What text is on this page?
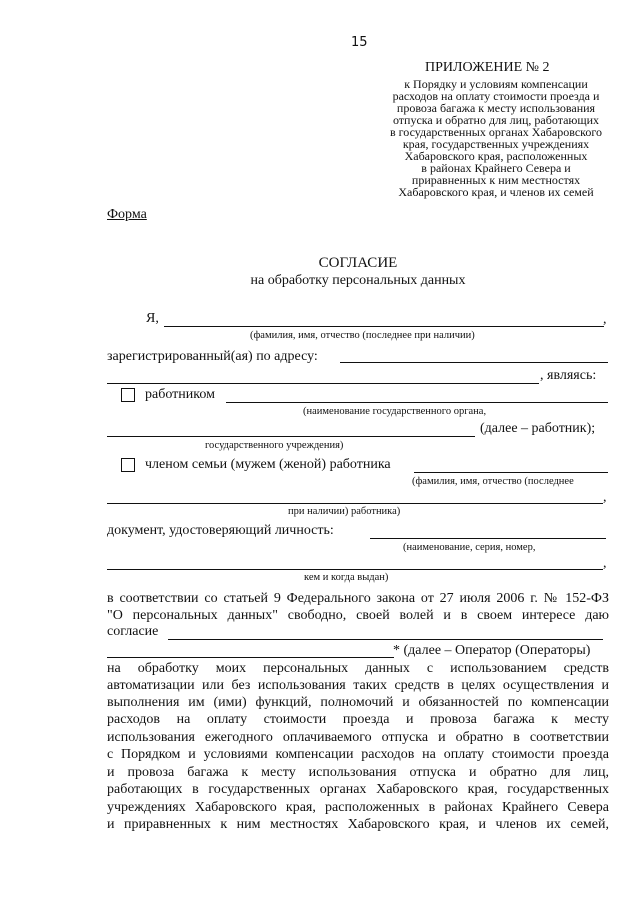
15
ПРИЛОЖЕНИЕ № 2
к Порядку и условиям компенсации
расходов на оплату стоимости проезда и
провоза багажа к месту использования
отпуска и обратно для лиц, работающих
в государственных органах Хабаровского
края, государственных учреждениях
Хабаровского края, расположенных
в районах Крайнего Севера и
приравненных к ним местностях
Хабаровского края, и членов их семей
Форма
СОГЛАСИЕ
на обработку персональных данных
Я,	,
(фамилия, имя, отчество (последнее при наличии)
зарегистрированный(ая) по адресу:
, являясь:
работником
(наименование государственного органа,
(далее – работник);
государственного учреждения)
членом семьи (мужем (женой) работника
(фамилия, имя, отчество (последнее
,
при наличии) работника)
документ, удостоверяющий личность:
(наименование, серия, номер,
,
кем и когда выдан)
в соответствии со статьей 9 Федерального закона от 27 июля 2006 г. № 152-ФЗ
"О персональных данных" свободно, своей волей и в своем интересе даю
согласие
* (далее – Оператор (Операторы)
на обработку моих персональных данных с использованием средств
автоматизации или без использования таких средств в целях осуществления и
выполнения им (ими) функций, полномочий и обязанностей по компенсации
расходов на оплату стоимости проезда и провоза багажа к месту
использования ежегодного оплачиваемого отпуска и обратно в соответствии
с Порядком и условиями компенсации расходов на оплату стоимости проезда
и провоза багажа к месту использования отпуска и обратно для лиц,
работающих в государственных органах Хабаровского края, государственных
учреждениях Хабаровского края, расположенных в районах Крайнего Севера
и приравненных к ним местностях Хабаровского края, и членов их семей,
